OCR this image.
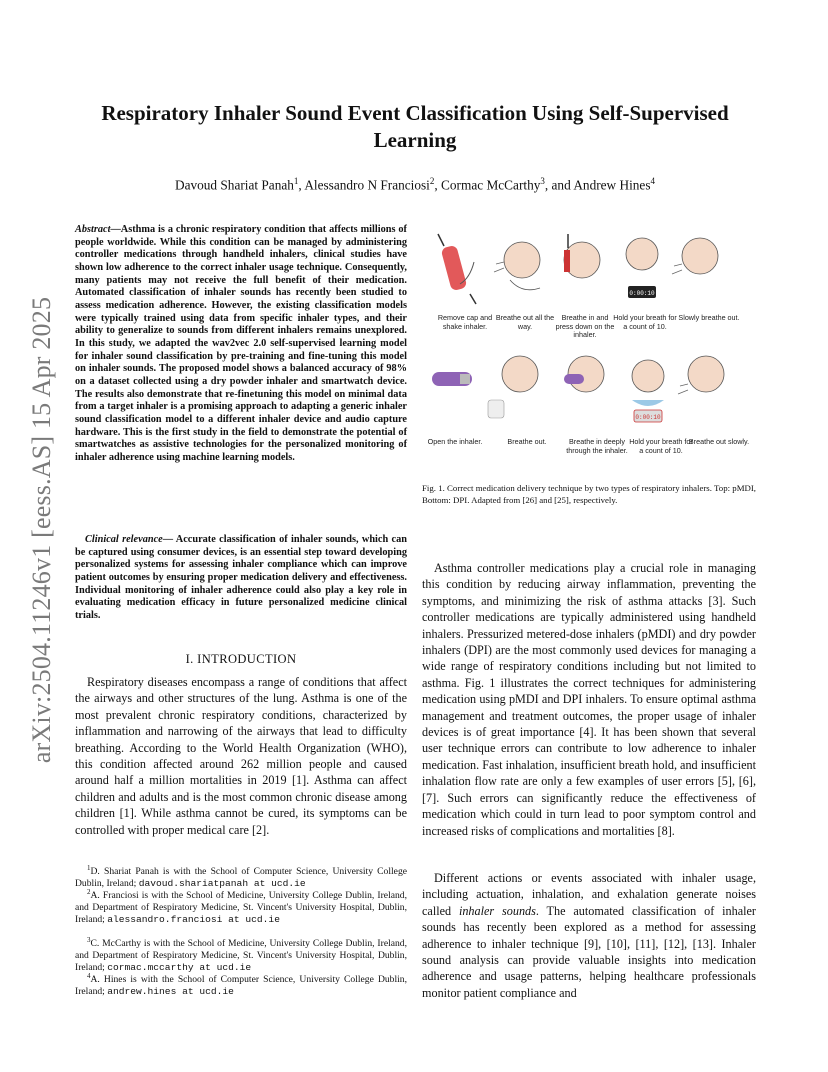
arXiv:2504.11246v1 [eess.AS] 15 Apr 2025
Respiratory Inhaler Sound Event Classification Using Self-Supervised Learning
Davoud Shariat Panah$^1$, Alessandro N Franciosi$^2$, Cormac McCarthy$^3$, and Andrew Hines$^4$
Abstract—Asthma is a chronic respiratory condition that affects millions of people worldwide. While this condition can be managed by administering controller medications through handheld inhalers, clinical studies have shown low adherence to the correct inhaler usage technique. Consequently, many patients may not receive the full benefit of their medication. Automated classification of inhaler sounds has recently been studied to assess medication adherence. However, the existing classification models were typically trained using data from specific inhaler types, and their ability to generalize to sounds from different inhalers remains unexplored. In this study, we adapted the wav2vec 2.0 self-supervised learning model for inhaler sound classification by pre-training and fine-tuning this model on inhaler sounds. The proposed model shows a balanced accuracy of 98% on a dataset collected using a dry powder inhaler and smartwatch device. The results also demonstrate that re-finetuning this model on minimal data from a target inhaler is a promising approach to adapting a generic inhaler sound classification model to a different inhaler device and audio capture hardware. This is the first study in the field to demonstrate the potential of smartwatches as assistive technologies for the personalized monitoring of inhaler adherence using machine learning models.
Clinical relevance— Accurate classification of inhaler sounds, which can be captured using consumer devices, is an essential step toward developing personalized systems for assessing inhaler compliance which can improve patient outcomes by ensuring proper medication delivery and effectiveness. Individual monitoring of inhaler adherence could also play a key role in evaluating medication efficacy in future personalized medicine clinical trials.
I. INTRODUCTION
Respiratory diseases encompass a range of conditions that affect the airways and other structures of the lung. Asthma is one of the most prevalent chronic respiratory conditions, characterized by inflammation and narrowing of the airways that lead to difficulty breathing. According to the World Health Organization (WHO), this condition affected around 262 million people and caused around half a million mortalities in 2019 [1]. Asthma can affect children and adults and is the most common chronic disease among children [1]. While asthma cannot be cured, its symptoms can be controlled with proper medical care [2].
$^1$D. Shariat Panah is with the School of Computer Science, University College Dublin, Ireland; davoud.shariatpanah at ucd.ie
$^2$A. Franciosi is with the School of Medicine, University College Dublin, Ireland, and Department of Respiratory Medicine, St. Vincent's University Hospital, Dublin, Ireland; alessandro.franciosi at ucd.ie
$^3$C. McCarthy is with the School of Medicine, University College Dublin, Ireland, and Department of Respiratory Medicine, St. Vincent's University Hospital, Dublin, Ireland; cormac.mccarthy at ucd.ie
$^4$A. Hines is with the School of Computer Science, University College Dublin, Ireland; andrew.hines at ucd.ie
0:00:10
0:00:10
Remove cap and shake inhaler.
Breathe out all the way.
Breathe in and press down on the inhaler.
Hold your breath for a count of 10.
Slowly breathe out.
Open the inhaler.	Breathe out.	Breathe in deeply through the inhaler.
Hold your breath for a count of 10.
Breathe out slowly.
Fig. 1. Correct medication delivery technique by two types of respiratory inhalers. Top: pMDI, Bottom: DPI. Adapted from [26] and [25], respectively.
Asthma controller medications play a crucial role in managing this condition by reducing airway inflammation, preventing the symptoms, and minimizing the risk of asthma attacks [3]. Such controller medications are typically administered using handheld inhalers. Pressurized metered-dose inhalers (pMDI) and dry powder inhalers (DPI) are the most commonly used devices for managing a wide range of respiratory conditions including but not limited to asthma. Fig. 1 illustrates the correct techniques for administering medication using pMDI and DPI inhalers. To ensure optimal asthma management and treatment outcomes, the proper usage of inhaler devices is of great importance [4]. It has been shown that several user technique errors can contribute to low adherence to inhaler medication. Fast inhalation, insufficient breath hold, and insufficient inhalation flow rate are only a few examples of user errors [5], [6], [7]. Such errors can significantly reduce the effectiveness of medication which could in turn lead to poor symptom control and increased risks of complications and mortalities [8].
Different actions or events associated with inhaler usage, including actuation, inhalation, and exhalation generate noises called inhaler sounds. The automated classification of inhaler sounds has recently been explored as a method for assessing adherence to inhaler technique [9], [10], [11], [12], [13]. Inhaler sound analysis can provide valuable insights into medication adherence and usage patterns, helping healthcare professionals monitor patient compliance and
